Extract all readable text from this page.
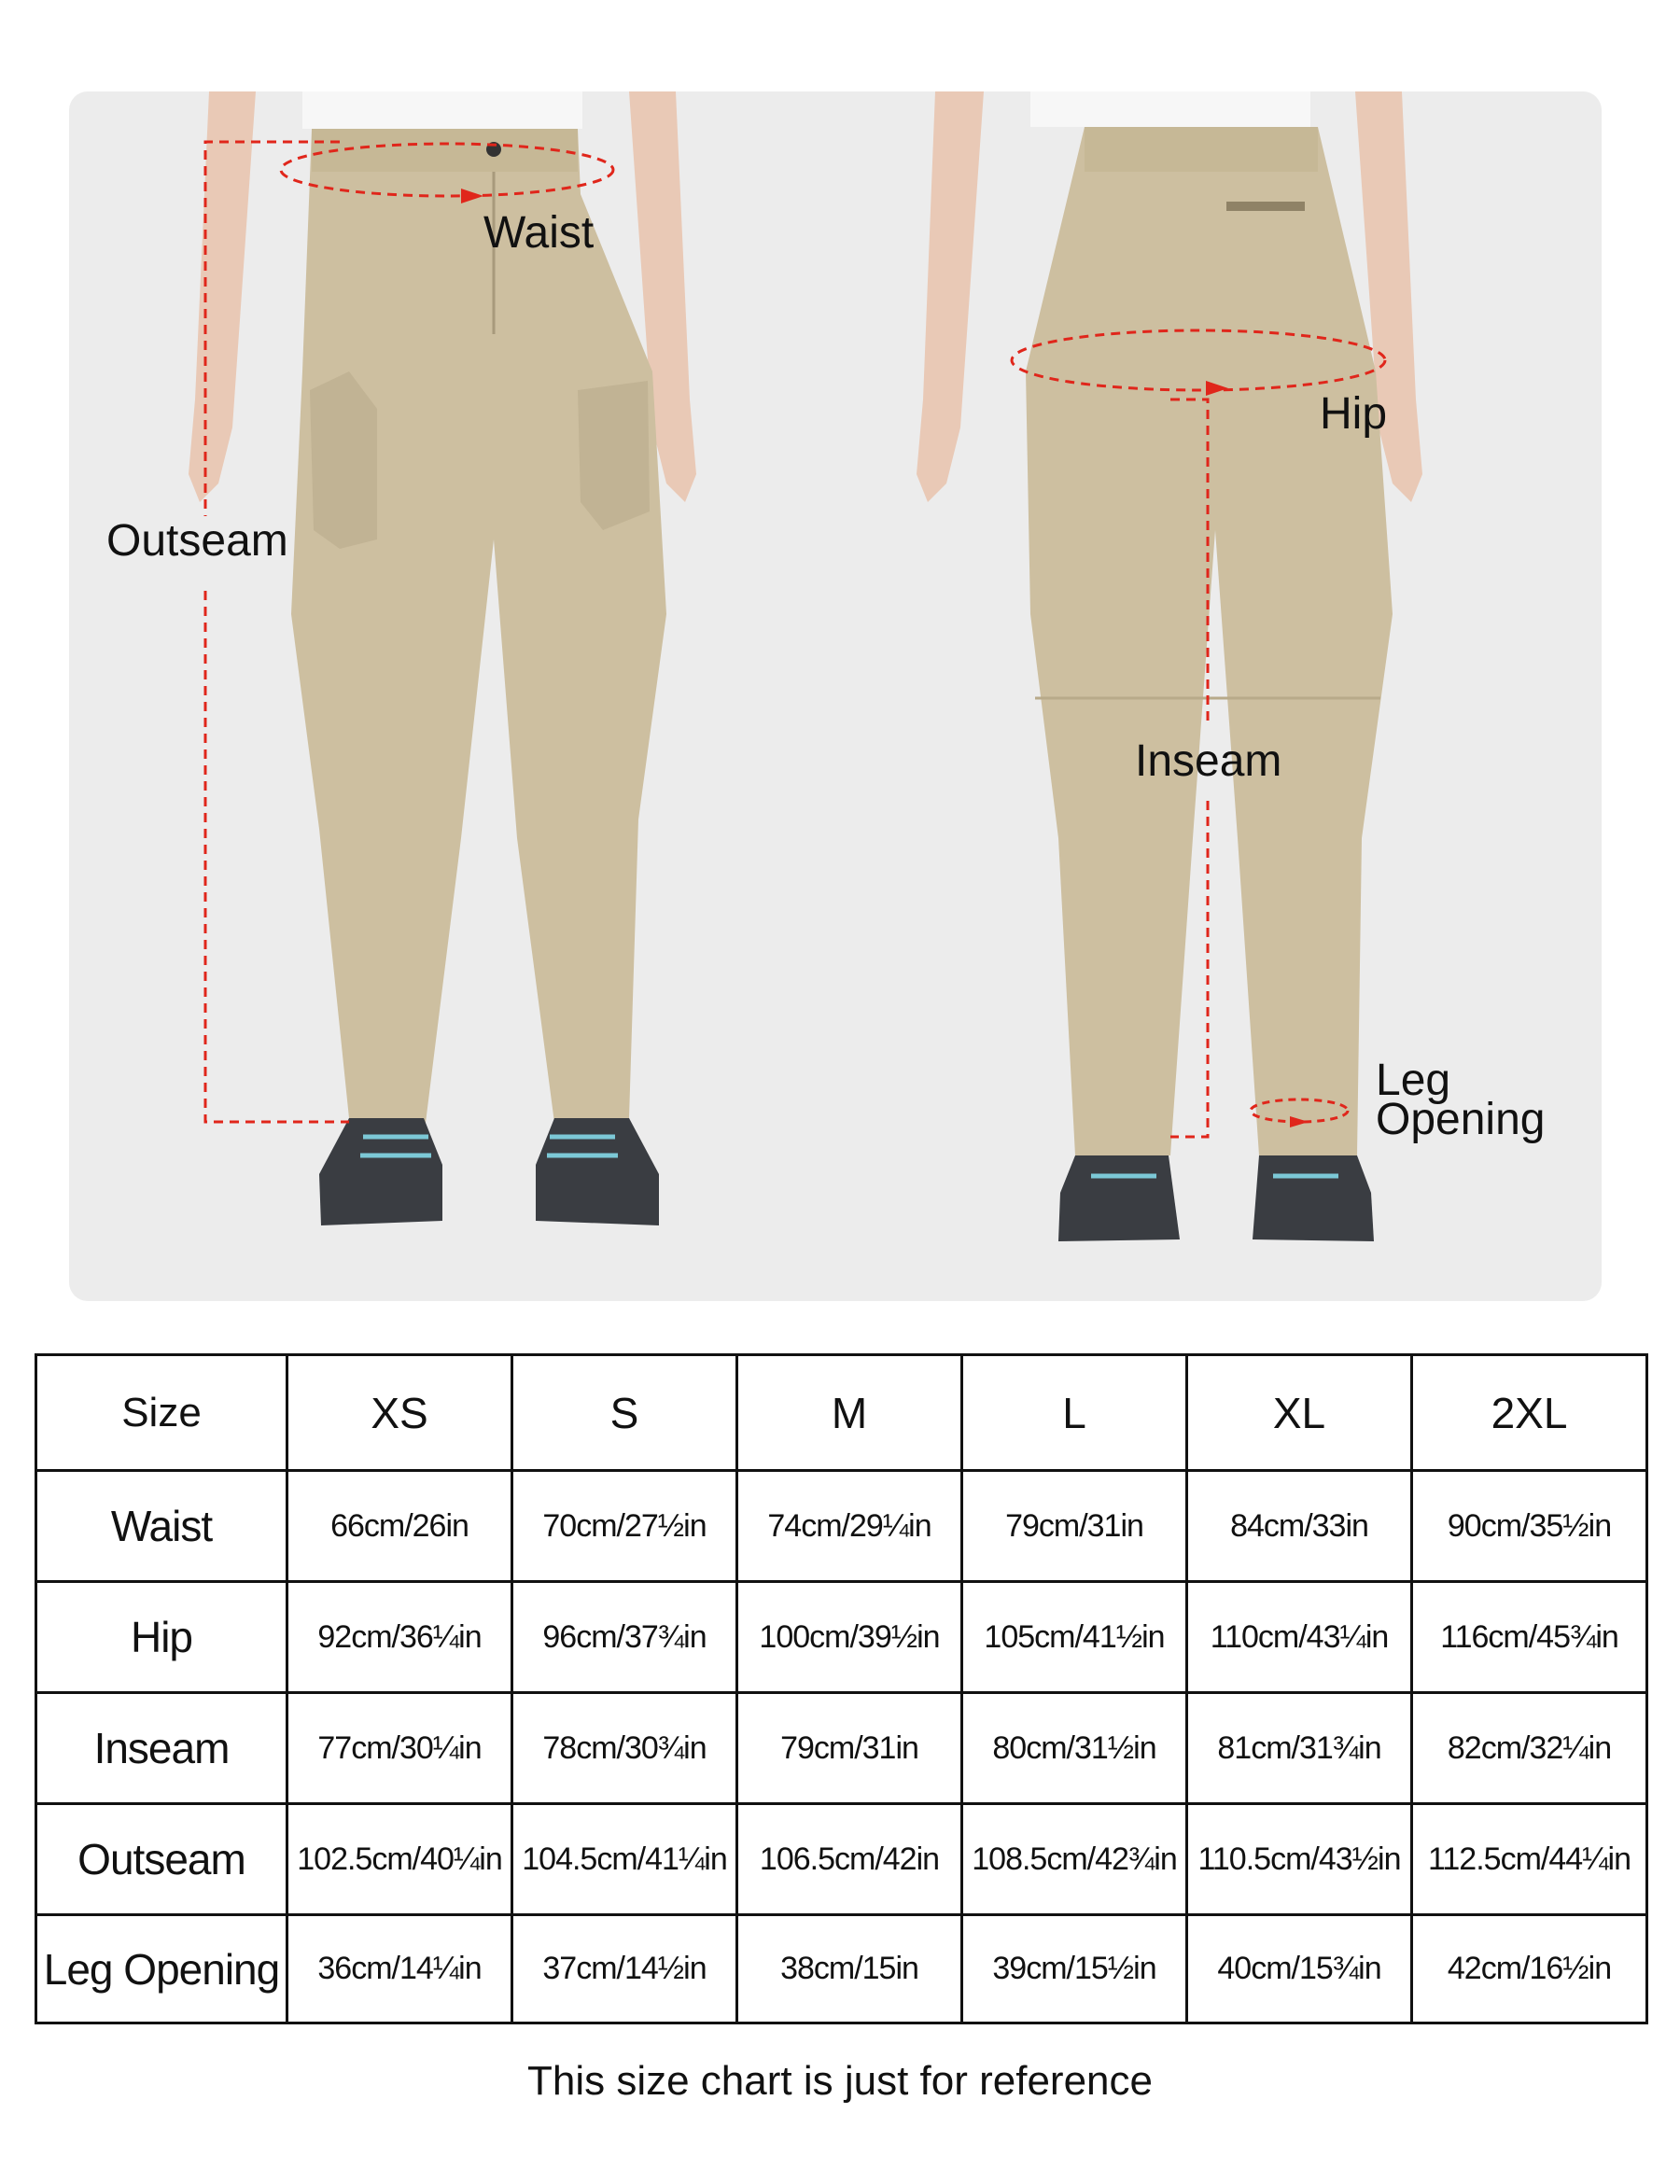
Waist
Outseam
Hip
Inseam
Leg
Opening
Size	XS	S	M	L	XL	2XL
Waist	66cm/26in	70cm/27½in	74cm/29¼in	79cm/31in	84cm/33in	90cm/35½in
Hip	92cm/36¼in	96cm/37¾in	100cm/39½in	105cm/41½in	110cm/43¼in	116cm/45¾in
Inseam	77cm/30¼in	78cm/30¾in	79cm/31in	80cm/31½in	81cm/31¾in	82cm/32¼in
Outseam	102.5cm/40¼in	104.5cm/41¼in	106.5cm/42in	108.5cm/42¾in	110.5cm/43½in	112.5cm/44¼in
Leg Opening	36cm/14¼in	37cm/14½in	38cm/15in	39cm/15½in	40cm/15¾in	42cm/16½in
This size chart is just for reference
